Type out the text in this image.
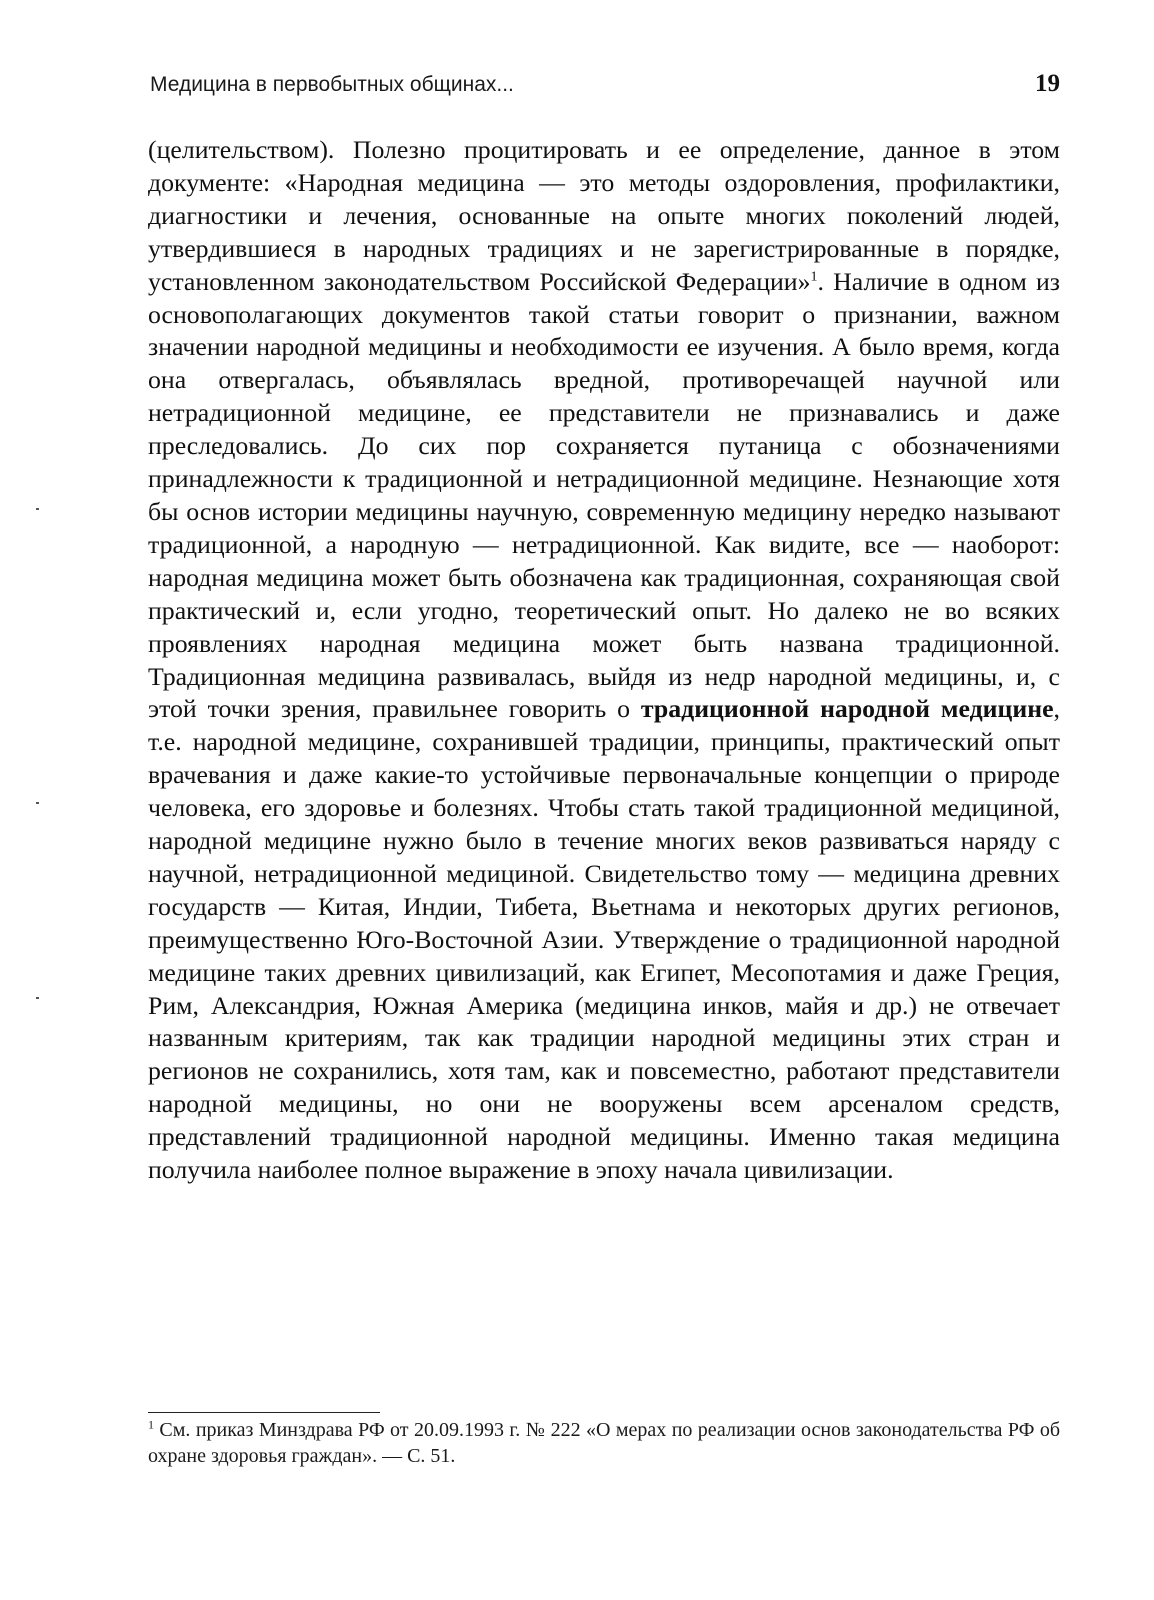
Медицина в первобытных общинах...	19

(целительством). Полезно процитировать и ее определение, данное в этом документе: «Народная медицина — это методы оздоровления, профилактики, диагностики и лечения, основанные на опыте многих поколений людей, утвердившиеся в народных традициях и не зарегистрированные в порядке, установленном законодательством Российской Федерации»$^1$. Наличие в одном из основополагающих документов такой статьи говорит о признании, важном значении народной медицины и необходимости ее изучения. А было время, когда она отвергалась, объявлялась вредной, противоречащей научной или нетрадиционной медицине, ее представители не признавались и даже преследовались. До сих пор сохраняется путаница с обозначениями принадлежности к традиционной и нетрадиционной медицине. Незнающие хотя бы основ истории медицины научную, современную медицину нередко называют традиционной, а народную — нетрадиционной. Как видите, все — наоборот: народная медицина может быть обозначена как традиционная, сохраняющая свой практический и, если угодно, теоретический опыт. Но далеко не во всяких проявлениях народная медицина может быть названа традиционной. Традиционная медицина развивалась, выйдя из недр народной медицины, и, с этой точки зрения, правильнее говорить о традиционной народной медицине, т.е. народной медицине, сохранившей традиции, принципы, практический опыт врачевания и даже какие-то устойчивые первоначальные концепции о природе человека, его здоровье и болезнях. Чтобы стать такой традиционной медициной, народной медицине нужно было в течение многих веков развиваться наряду с научной, нетрадиционной медициной. Свидетельство тому — медицина древних государств — Китая, Индии, Тибета, Вьетнама и некоторых других регионов, преимущественно Юго-Восточной Азии. Утверждение о традиционной народной медицине таких древних цивилизаций, как Египет, Месопотамия и даже Греция, Рим, Александрия, Южная Америка (медицина инков, майя и др.) не отвечает названным критериям, так как традиции народной медицины этих стран и регионов не сохранились, хотя там, как и повсеместно, работают представители народной медицины, но они не вооружены всем арсеналом средств, представлений традиционной народной медицины. Именно такая медицина получила наиболее полное выражение в эпоху начала цивилизации.

$^1$ См. приказ Минздрава РФ от 20.09.1993 г. № 222 «О мерах по реализации основ законодательства РФ об охране здоровья граждан». — С. 51.
